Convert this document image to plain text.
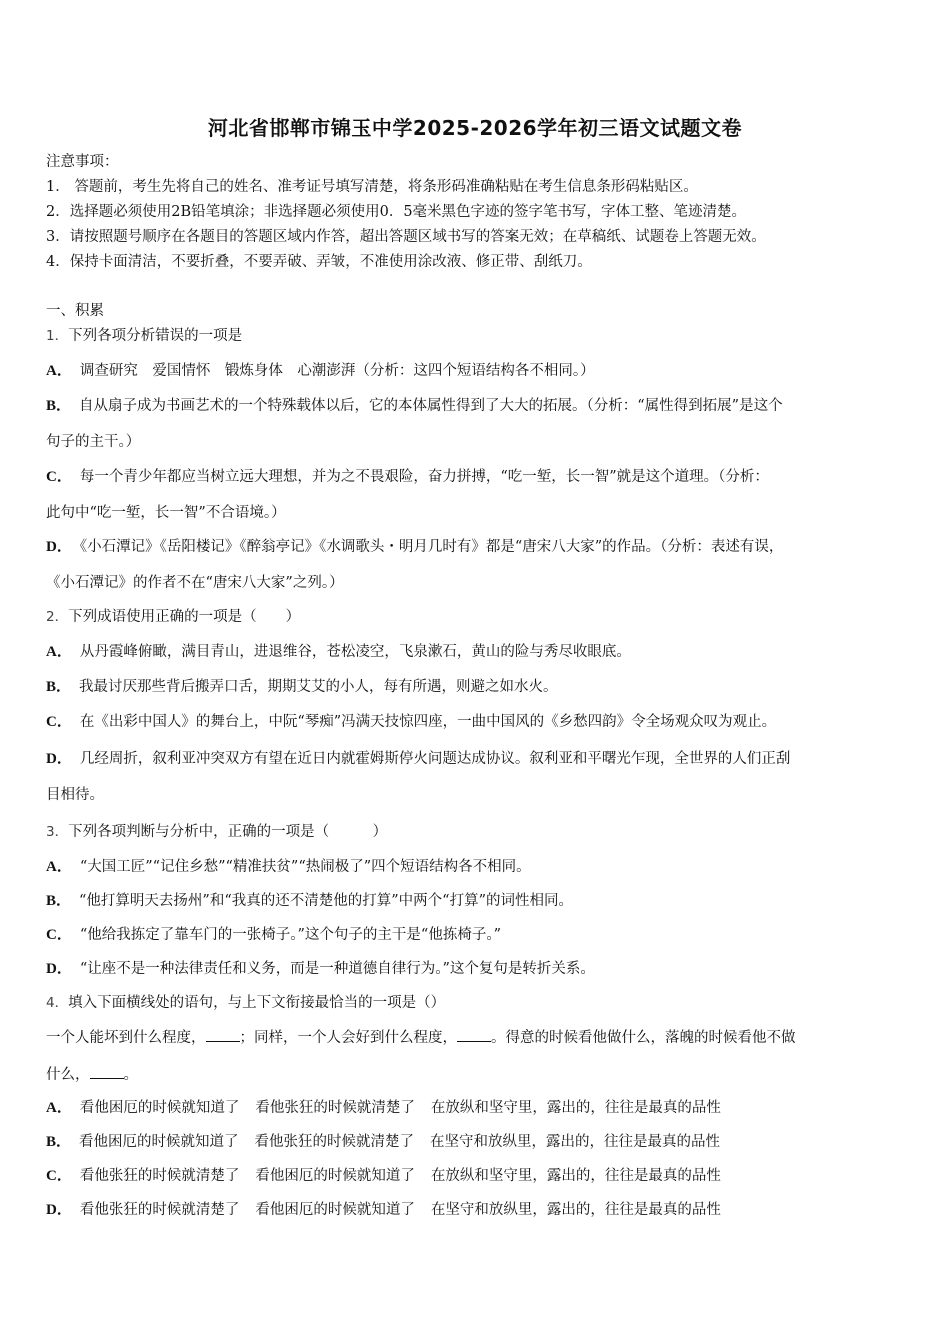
河北省邯郸市锦玉中学2025-2026学年初三语文试题文卷
注意事项：
1． 答题前，考生先将自己的姓名、准考证号填写清楚，将条形码准确粘贴在考生信息条形码粘贴区。
2．选择题必须使用2B铅笔填涂；非选择题必须使用0．5毫米黑色字迹的签字笔书写，字体工整、笔迹清楚。
3．请按照题号顺序在各题目的答题区域内作答，超出答题区域书写的答案无效；在草稿纸、试题卷上答题无效。
4．保持卡面清洁，不要折叠，不要弄破、弄皱，不准使用涂改液、修正带、刮纸刀。
一、积累
1．下列各项分析错误的一项是
A． 调查研究　爱国情怀　锻炼身体　心潮澎湃（分析：这四个短语结构各不相同。）
B． 自从扇子成为书画艺术的一个特殊载体以后，它的本体属性得到了大大的拓展。（分析：“属性得到拓展”是这个
句子的主干。）
C． 每一个青少年都应当树立远大理想，并为之不畏艰险，奋力拼搏，“吃一堑，长一智”就是这个道理。（分析：
此句中“吃一堑，长一智”不合语境。）
D． 《小石潭记》《岳阳楼记》《醉翁亭记》《水调歌头・明月几时有》都是“唐宋八大家”的作品。（分析：表述有误，
《小石潭记》的作者不在“唐宋八大家”之列。）
2．下列成语使用正确的一项是（　　）
A． 从丹霞峰俯瞰，满目青山，进退维谷，苍松凌空，飞泉漱石，黄山的险与秀尽收眼底。
B． 我最讨厌那些背后搬弄口舌，期期艾艾的小人，每有所遇，则避之如水火。
C． 在《出彩中国人》的舞台上，中阮“琴痴”冯满天技惊四座，一曲中国风的《乡愁四韵》令全场观众叹为观止。
D． 几经周折，叙利亚冲突双方有望在近日内就霍姆斯停火问题达成协议。叙利亚和平曙光乍现，全世界的人们正刮
目相待。
3．下列各项判断与分析中，正确的一项是（　　　）
A． “大国工匠”“记住乡愁”“精准扶贫”“热闹极了”四个短语结构各不相同。
B． “他打算明天去扬州”和“我真的还不清楚他的打算”中两个“打算”的词性相同。
C． “他给我拣定了靠车门的一张椅子。”这个句子的主干是“他拣椅子。”
D． “让座不是一种法律责任和义务，而是一种道德自律行为。”这个复句是转折关系。
4．填入下面横线处的语句，与上下文衔接最恰当的一项是（）
一个人能坏到什么程度， ；同样，一个人会好到什么程度， 。得意的时候看他做什么，落魄的时候看他不做
什么， 。
A． 看他困厄的时候就知道了 看他张狂的时候就清楚了 在放纵和坚守里，露出的，往往是最真的品性
B． 看他困厄的时候就知道了 看他张狂的时候就清楚了 在坚守和放纵里，露出的，往往是最真的品性
C． 看他张狂的时候就清楚了 看他困厄的时候就知道了 在放纵和坚守里，露出的，往往是最真的品性
D． 看他张狂的时候就清楚了 看他困厄的时候就知道了 在坚守和放纵里，露出的，往往是最真的品性
